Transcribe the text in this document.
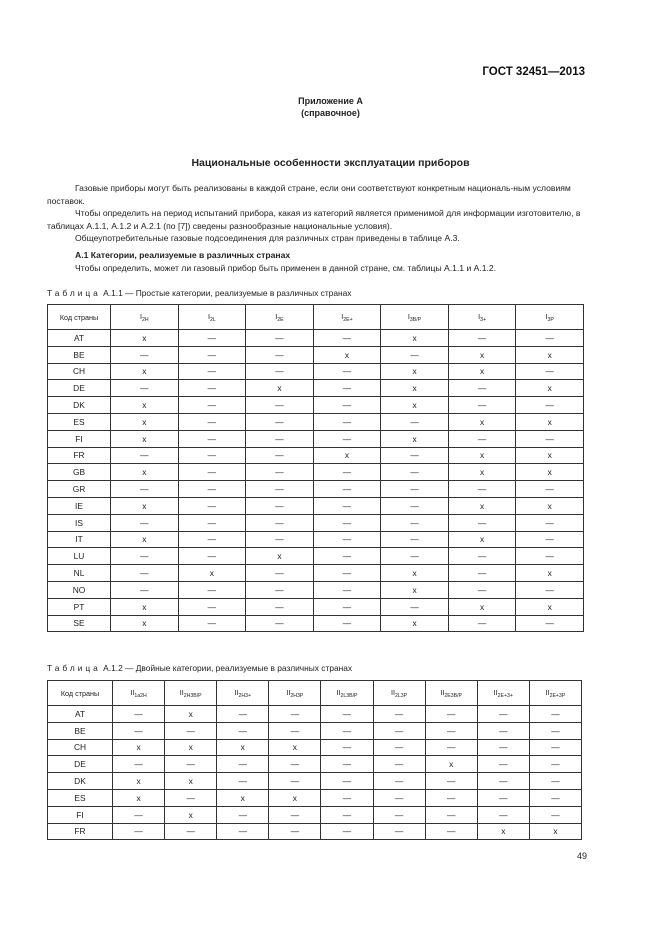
ГОСТ 32451—2013
Приложение А
(справочное)
Национальные особенности эксплуатации приборов
Газовые приборы могут быть реализованы в каждой стране, если они соответствуют конкретным националь-ным условиям поставок.
Чтобы определить на период испытаний прибора, какая из категорий является применимой для информации изготовителю, в таблицах А.1.1, А.1.2 и А.2.1 (по [7]) сведены разнообразные национальные условия).
Общеупотребительные газовые подсоединения для различных стран приведены в таблице А.3.
А.1 Категории, реализуемые в различных странах
Чтобы определить, может ли газовый прибор быть применен в данной стране, см. таблицы А.1.1 и А.1.2.
Таблица А.1.1 — Простые категории, реализуемые в различных странах
Код страны	$I_{2H}$	$I_{2L}$	$I_{2E}$	$I_{2E+}$	$I_{3B/P}$	$I_{3+}$	$I_{3P}$
AT	x	—	—	—	x	—	—
BE	—	—	—	x	—	x	x
CH	x	—	—	—	x	x	—
DE	—	—	x	—	x	—	x
DK	x	—	—	—	x	—	—
ES	x	—	—	—	—	x	x
FI	x	—	—	—	x	—	—
FR	—	—	—	x	—	x	x
GB	x	—	—	—	—	x	x
GR	—	—	—	—	—	—	—
IE	x	—	—	—	—	x	x
IS	—	—	—	—	—	—	—
IT	x	—	—	—	—	x	—
LU	—	—	x	—	—	—	—
NL	—	x	—	—	x	—	x
NO	—	—	—	—	x	—	—
PT	x	—	—	—	—	x	x
SE	x	—	—	—	x	—	—
Таблица А.1.2 — Двойные категории, реализуемые в различных странах
Код страны	$II_{1a2H}$	$II_{2H3B/P}$	$II_{2H3+}$	$II_{2H3P}$	$II_{2L3B/P}$	$II_{2L3P}$	$II_{2E3B/P}$	$II_{2E+3+}$	$II_{2E+3P}$
AT	—	x	—	—	—	—	—	—	—
BE	—	—	—	—	—	—	—	—	—
CH	x	x	x	x	—	—	—	—	—
DE	—	—	—	—	—	—	x	—	—
DK	x	x	—	—	—	—	—	—	—
ES	x	—	x	x	—	—	—	—	—
FI	—	x	—	—	—	—	—	—	—
FR	—	—	—	—	—	—	—	x	x
49
